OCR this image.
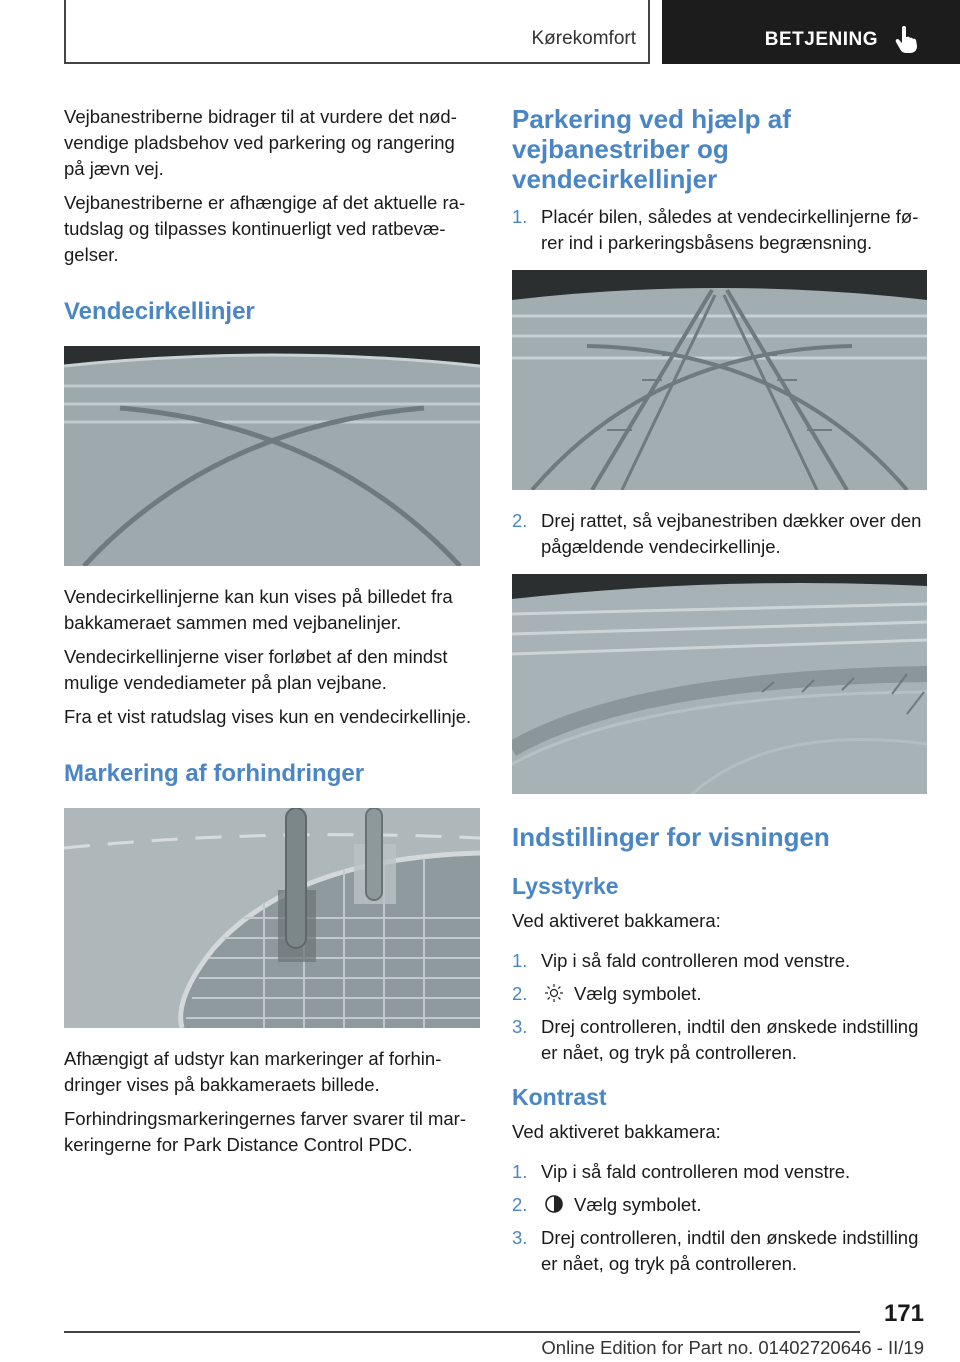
Kørekomfort	BETJENING

Vejbanestriberne bidrager til at vurdere det nødvendige pladsbehov ved parkering og rangering på jævn vej.

Vejbanestriberne er afhængige af det aktuelle ratudslag og tilpasses kontinuerligt ved ratbevægelser.

Vendecirkellinjer

Vendecirkellinjerne kan kun vises på billedet fra bakkameraet sammen med vejbanelinjer.

Vendecirkellinjerne viser forløbet af den mindst mulige vendediameter på plan vejbane.

Fra et vist ratudslag vises kun en vendecirkellinje.

Markering af forhindringer

Afhængigt af udstyr kan markeringer af forhindringer vises på bakkameraets billede.

Forhindringsmarkeringernes farver svarer til markeringerne for Park Distance Control PDC.

Parkering ved hjælp af vejbanestriber og vendecirkellinjer
1. Placér bilen, således at vendecirkellinjerne fører ind i parkeringsbåsens begrænsning.
2. Drej rattet, så vejbanestriben dækker over den pågældende vendecirkellinje.
Indstillinger for visningen
Lysstyrke

Ved aktiveret bakkamera:

1. Vip i så fald controlleren mod venstre.
2.	Vælg symbolet.
3. Drej controlleren, indtil den ønskede indstilling er nået, og tryk på controlleren.
Kontrast

Ved aktiveret bakkamera:

1. Vip i så fald controlleren mod venstre.
2.	Vælg symbolet.
3. Drej controlleren, indtil den ønskede indstilling er nået, og tryk på controlleren.
171
Online Edition for Part no. 01402720646 - II/19
